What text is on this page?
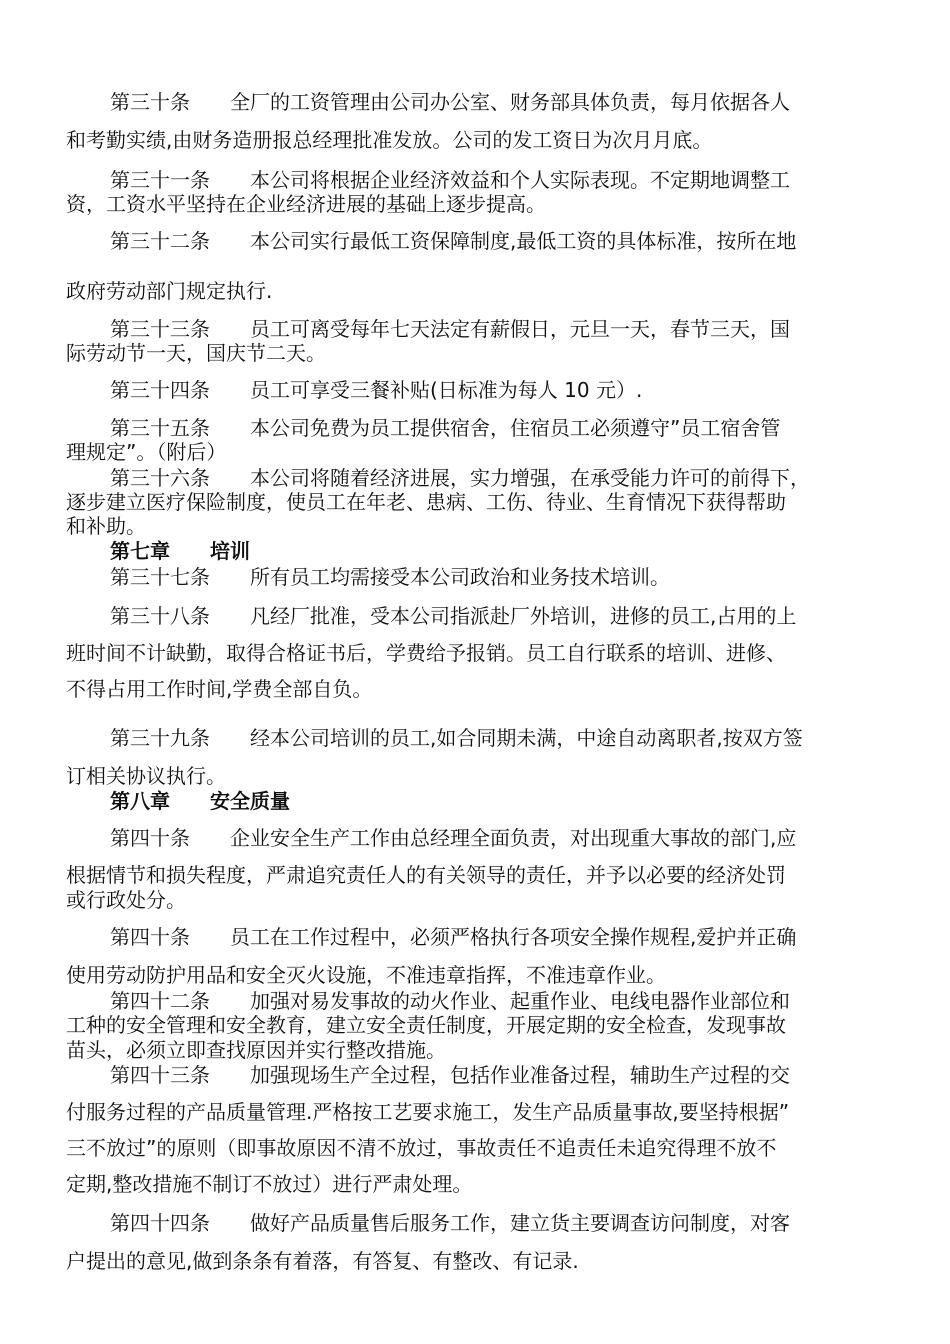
第三十条　　全厂的工资管理由公司办公室、财务部具体负责，每月依据各人
和考勤实绩,由财务造册报总经理批准发放。公司的发工资日为次月月底。
第三十一条　　本公司将根据企业经济效益和个人实际表现。不定期地调整工
资，工资水平坚持在企业经济进展的基础上逐步提高。
第三十二条　　本公司实行最低工资保障制度,最低工资的具体标准，按所在地
政府劳动部门规定执行.
第三十三条　　员工可离受每年七天法定有薪假日，元旦一天，春节三天，国
际劳动节一天，国庆节二天。
第三十四条　　员工可享受三餐补贴(日标准为每人 10 元）.
第三十五条　　本公司免费为员工提供宿舍，住宿员工必须遵守”员工宿舍管
理规定”。（附后）
第三十六条　　本公司将随着经济进展，实力增强，在承受能力许可的前得下，
逐步建立医疗保险制度，使员工在年老、患病、工伤、待业、生育情况下获得帮助
和补助。
第七章　　培训
第三十七条　　所有员工均需接受本公司政治和业务技术培训。
第三十八条　　凡经厂批准，受本公司指派赴厂外培训，进修的员工,占用的上
班时间不计缺勤，取得合格证书后，学费给予报销。员工自行联系的培训、进修、
不得占用工作时间,学费全部自负。
第三十九条　　经本公司培训的员工,如合同期未满，中途自动离职者,按双方签
订相关协议执行。
第八章　　安全质量
第四十条　　企业安全生产工作由总经理全面负责，对出现重大事故的部门,应
根据情节和损失程度，严肃追究责任人的有关领导的责任，并予以必要的经济处罚
或行政处分。
第四十条　　员工在工作过程中，必须严格执行各项安全操作规程,爱护并正确
使用劳动防护用品和安全灭火设施，不准违章指挥，不准违章作业。
第四十二条　　加强对易发事故的动火作业、起重作业、电线电器作业部位和
工种的安全管理和安全教育，建立安全责任制度，开展定期的安全检查，发现事故
苗头，必须立即查找原因并实行整改措施。
第四十三条　　加强现场生产全过程，包括作业准备过程，辅助生产过程的交
付服务过程的产品质量管理.严格按工艺要求施工，发生产品质量事故,要坚持根据”
三不放过”的原则（即事故原因不清不放过，事故责任不追责任未追究得理不放不
定期,整改措施不制订不放过）进行严肃处理。
第四十四条　　做好产品质量售后服务工作，建立货主要调查访问制度，对客
户提出的意见,做到条条有着落，有答复、有整改、有记录.
